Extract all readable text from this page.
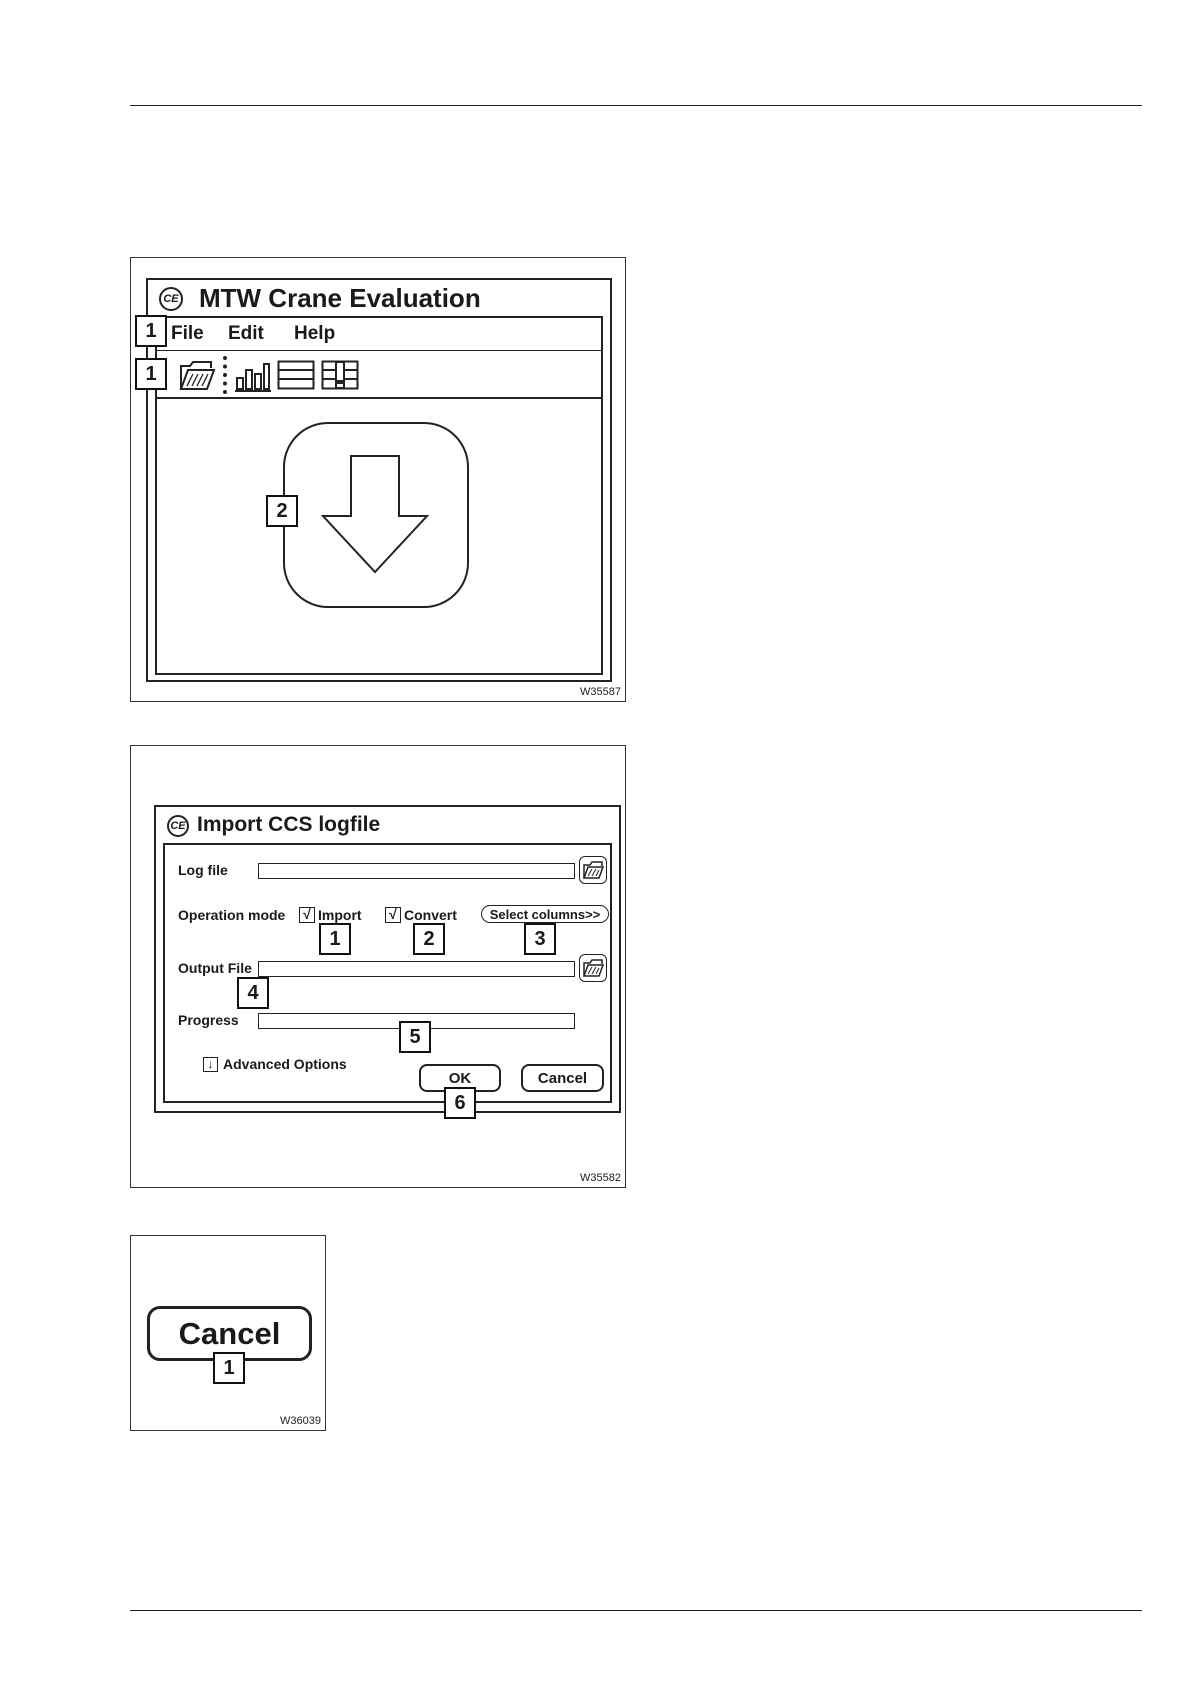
CE MTW Crane Evaluation
File Edit Help
1
1
2
W35587
CE Import CCS logfile
Log file
Operation mode √ Import √ Convert	Select columns>>
Output File
Progress
↓ Advanced Options
OK	Cancel
1	2	3
4
5
6
W35582
Cancel
1
W36039
